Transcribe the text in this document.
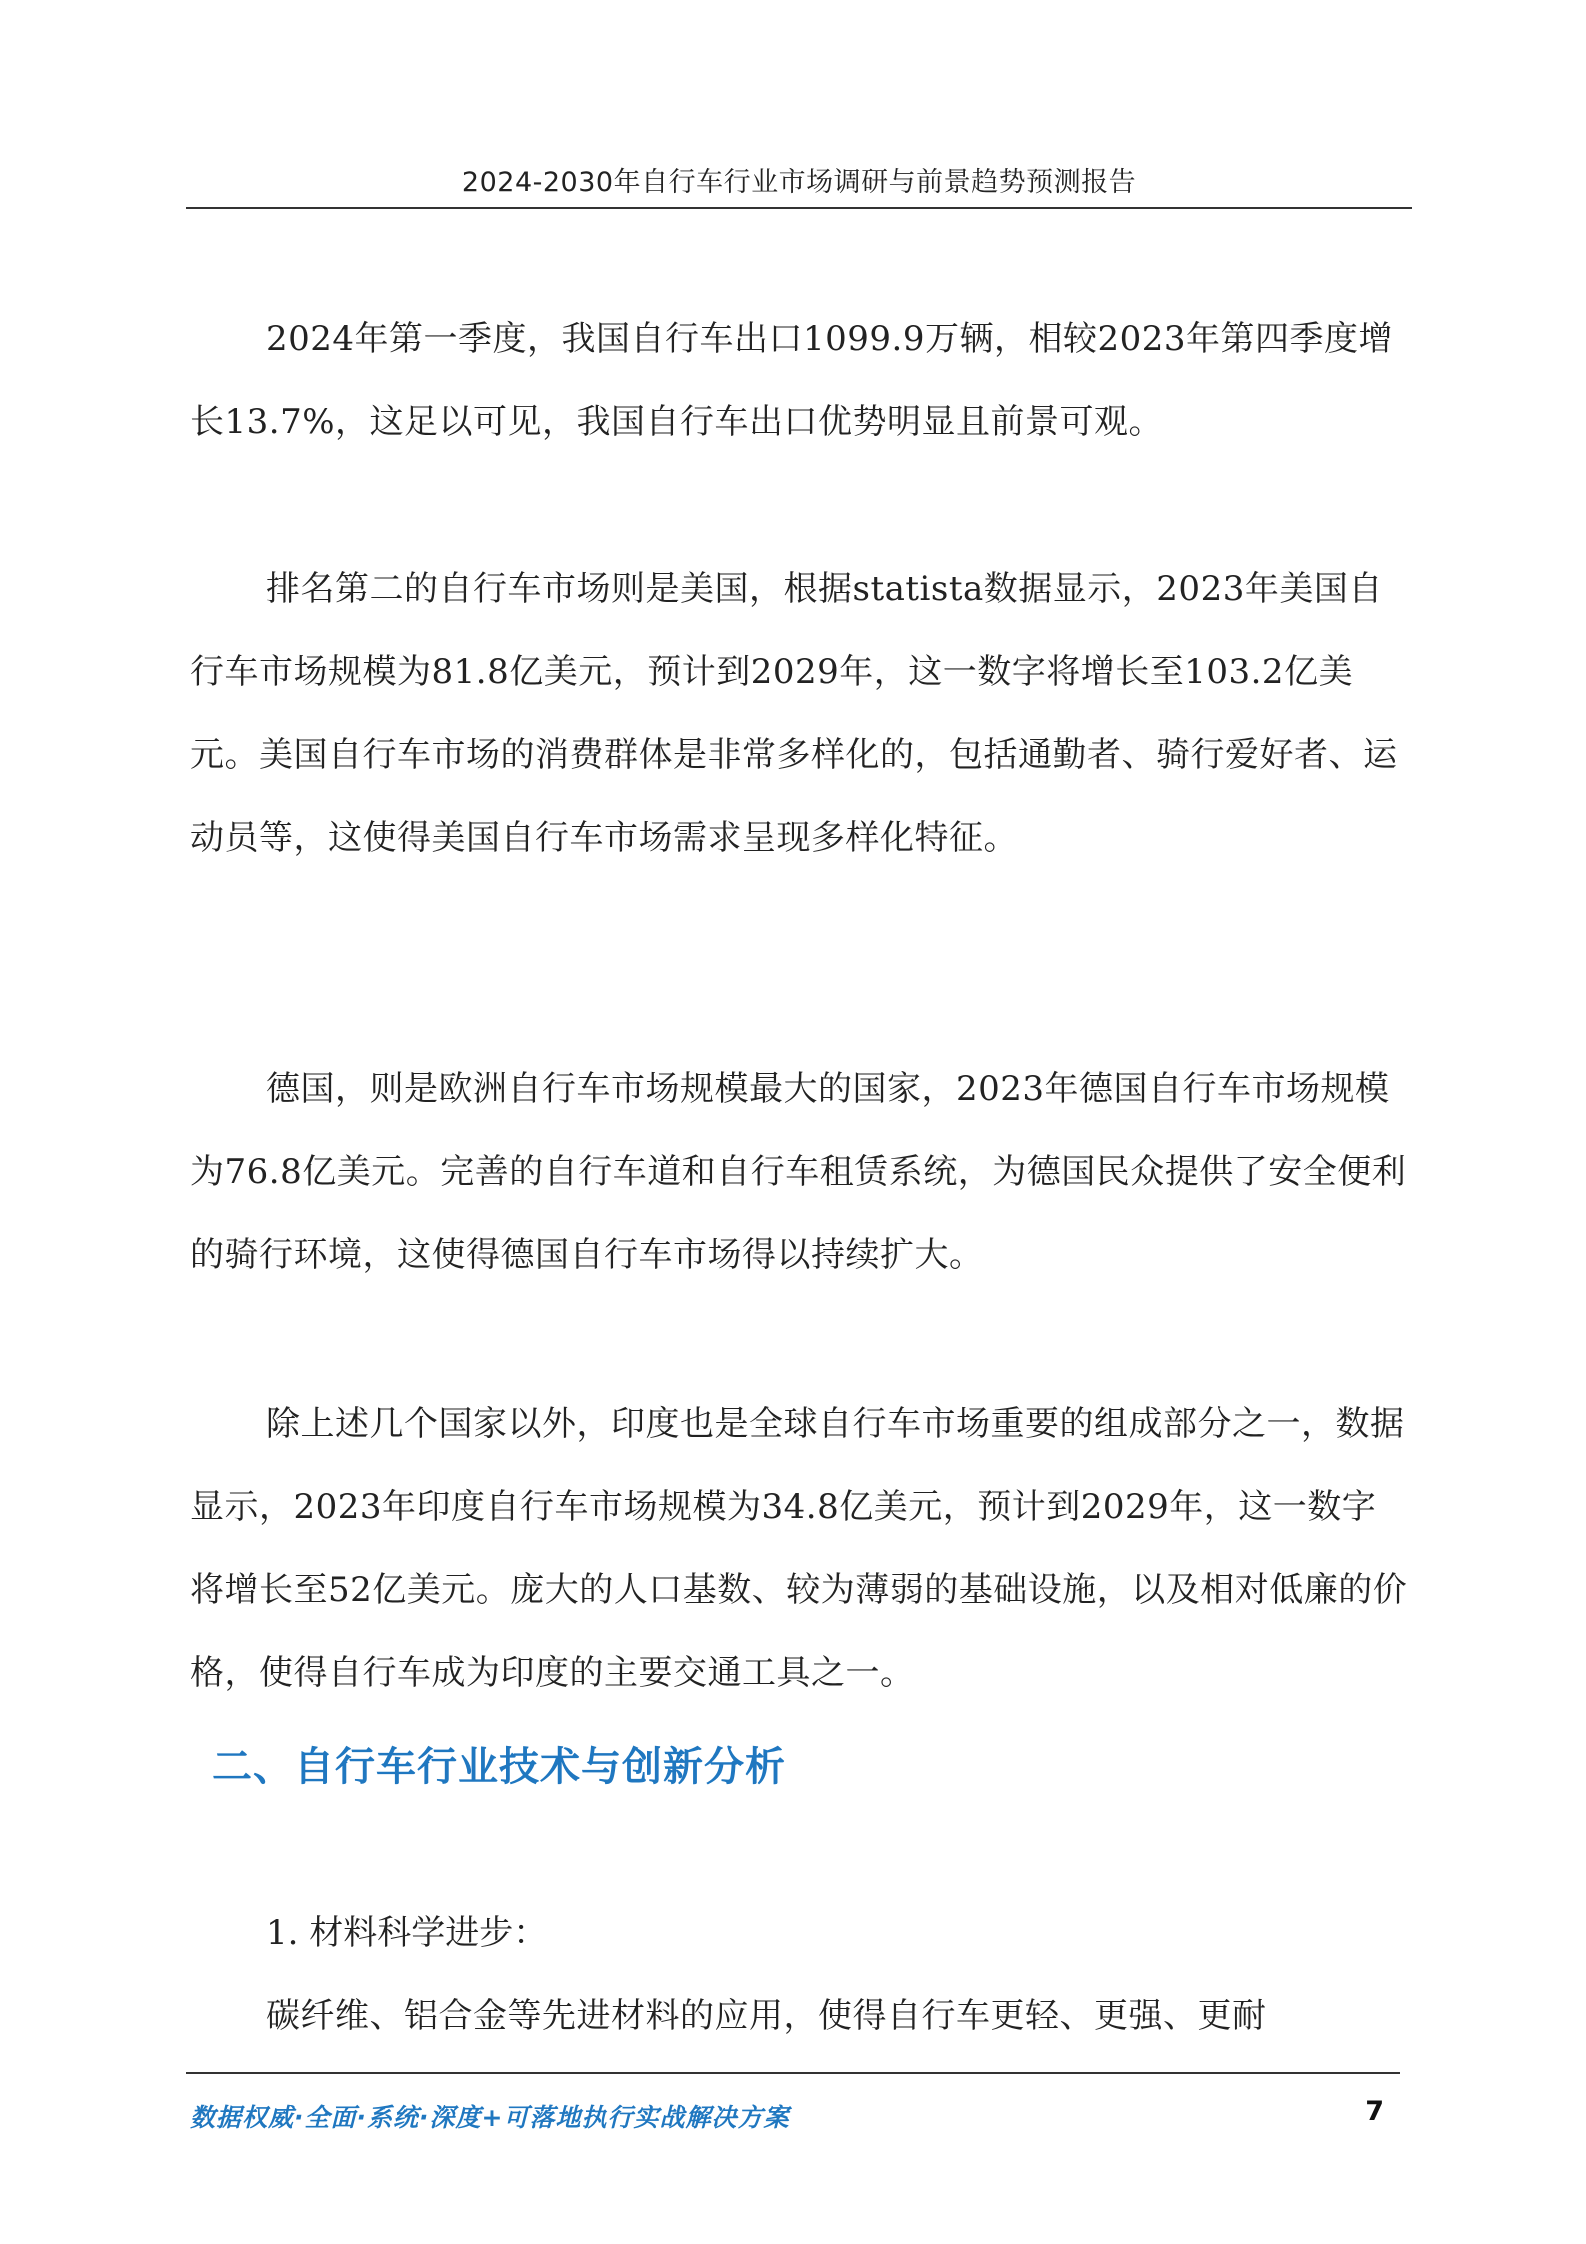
2024-2030年自行车行业市场调研与前景趋势预测报告

2024年第一季度，我国自行车出口1099.9万辆，相较2023年第四季度增长13.7%，这足以可见，我国自行车出口优势明显且前景可观。

排名第二的自行车市场则是美国，根据statista数据显示，2023年美国自行车市场规模为81.8亿美元，预计到2029年，这一数字将增长至103.2亿美元。美国自行车市场的消费群体是非常多样化的，包括通勤者、骑行爱好者、运动员等，这使得美国自行车市场需求呈现多样化特征。

德国，则是欧洲自行车市场规模最大的国家，2023年德国自行车市场规模为76.8亿美元。完善的自行车道和自行车租赁系统，为德国民众提供了安全便利的骑行环境，这使得德国自行车市场得以持续扩大。

除上述几个国家以外，印度也是全球自行车市场重要的组成部分之一，数据显示，2023年印度自行车市场规模为34.8亿美元，预计到2029年，这一数字将增长至52亿美元。庞大的人口基数、较为薄弱的基础设施，以及相对低廉的价格，使得自行车成为印度的主要交通工具之一。

二、自行车行业技术与创新分析

1. 材料科学进步：

碳纤维、铝合金等先进材料的应用，使得自行车更轻、更强、更耐

数据权威·全面·系统·深度+可落地执行实战解决方案	7
